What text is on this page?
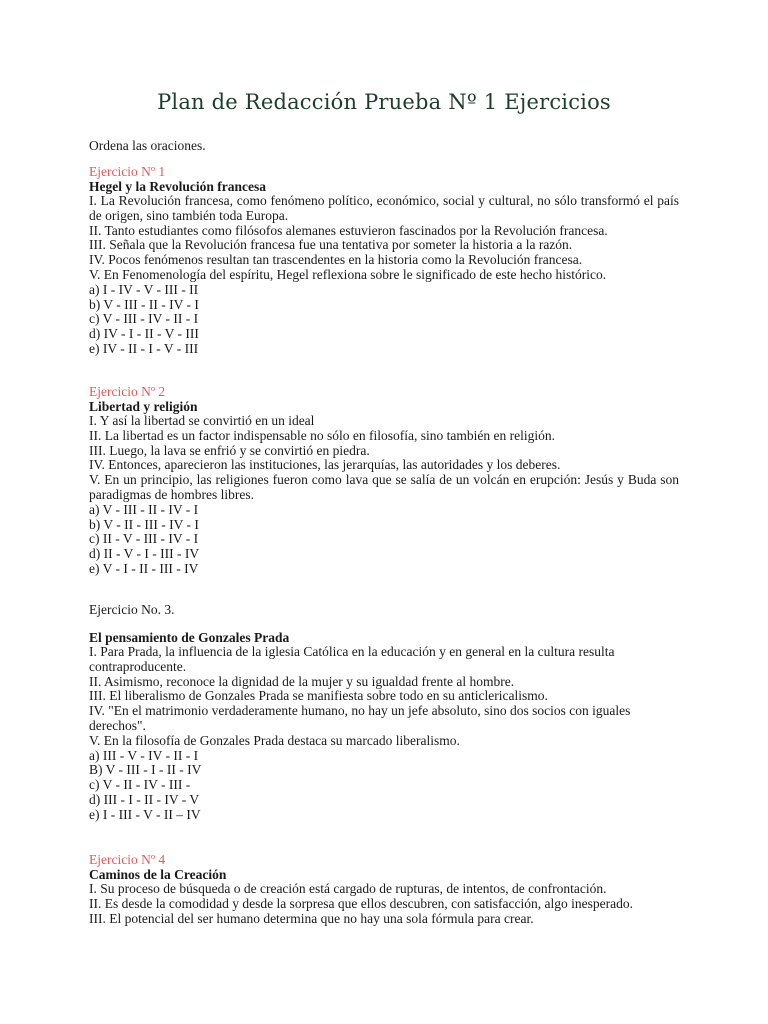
Plan de Redacción Prueba Nº 1 Ejercicios
Ordena las oraciones.
Ejercicio Nº 1
Hegel y la Revolución francesa
I. La Revolución francesa, como fenómeno político, económico, social y cultural, no sólo transformó el país de origen, sino también toda Europa.
II. Tanto estudiantes como filósofos alemanes estuvieron fascinados por la Revolución francesa.
III. Señala que la Revolución francesa fue una tentativa por someter la historia a la razón.
IV. Pocos fenómenos resultan tan trascendentes en la historia como la Revolución francesa.
V. En Fenomenología del espíritu, Hegel reflexiona sobre le significado de este hecho histórico.
a) I - IV - V - III - II
b) V - III - II - IV - I
c) V - III - IV - II - I
d) IV - I - II - V - III
e) IV - II - I - V - III
Ejercicio Nº 2
Libertad y religión
I. Y así la libertad se convirtió en un ideal
II. La libertad es un factor indispensable no sólo en filosofía, sino también en religión.
III. Luego, la lava se enfrió y se convirtió en piedra.
IV. Entonces, aparecieron las instituciones, las jerarquías, las autoridades y los deberes.
V. En un principio, las religiones fueron como lava que se salía de un volcán en erupción: Jesús y Buda son paradigmas de hombres libres.
a) V - III - II - IV - I
b) V - II - III - IV - I
c) II - V - III - IV - I
d) II - V - I - III - IV
e) V - I - II - III - IV
Ejercicio No. 3.
El pensamiento de Gonzales Prada
I. Para Prada, la influencia de la iglesia Católica en la educación y en general en la cultura resulta contraproducente.
II. Asimismo, reconoce la dignidad de la mujer y su igualdad frente al hombre.
III. El liberalismo de Gonzales Prada se manifiesta sobre todo en su anticlericalismo.
IV. "En el matrimonio verdaderamente humano, no hay un jefe absoluto, sino dos socios con iguales derechos".
V. En la filosofía de Gonzales Prada destaca su marcado liberalismo.
a) III - V - IV - II - I
B) V - III - I - II - IV
c) V - II - IV - III -
d) III - I - II - IV - V
e) I - III - V - II – IV
Ejercicio Nº 4
Caminos de la Creación
I. Su proceso de búsqueda o de creación está cargado de rupturas, de intentos, de confrontación.
II. Es desde la comodidad y desde la sorpresa que ellos descubren, con satisfacción, algo inesperado.
III. El potencial del ser humano determina que no hay una sola fórmula para crear.
